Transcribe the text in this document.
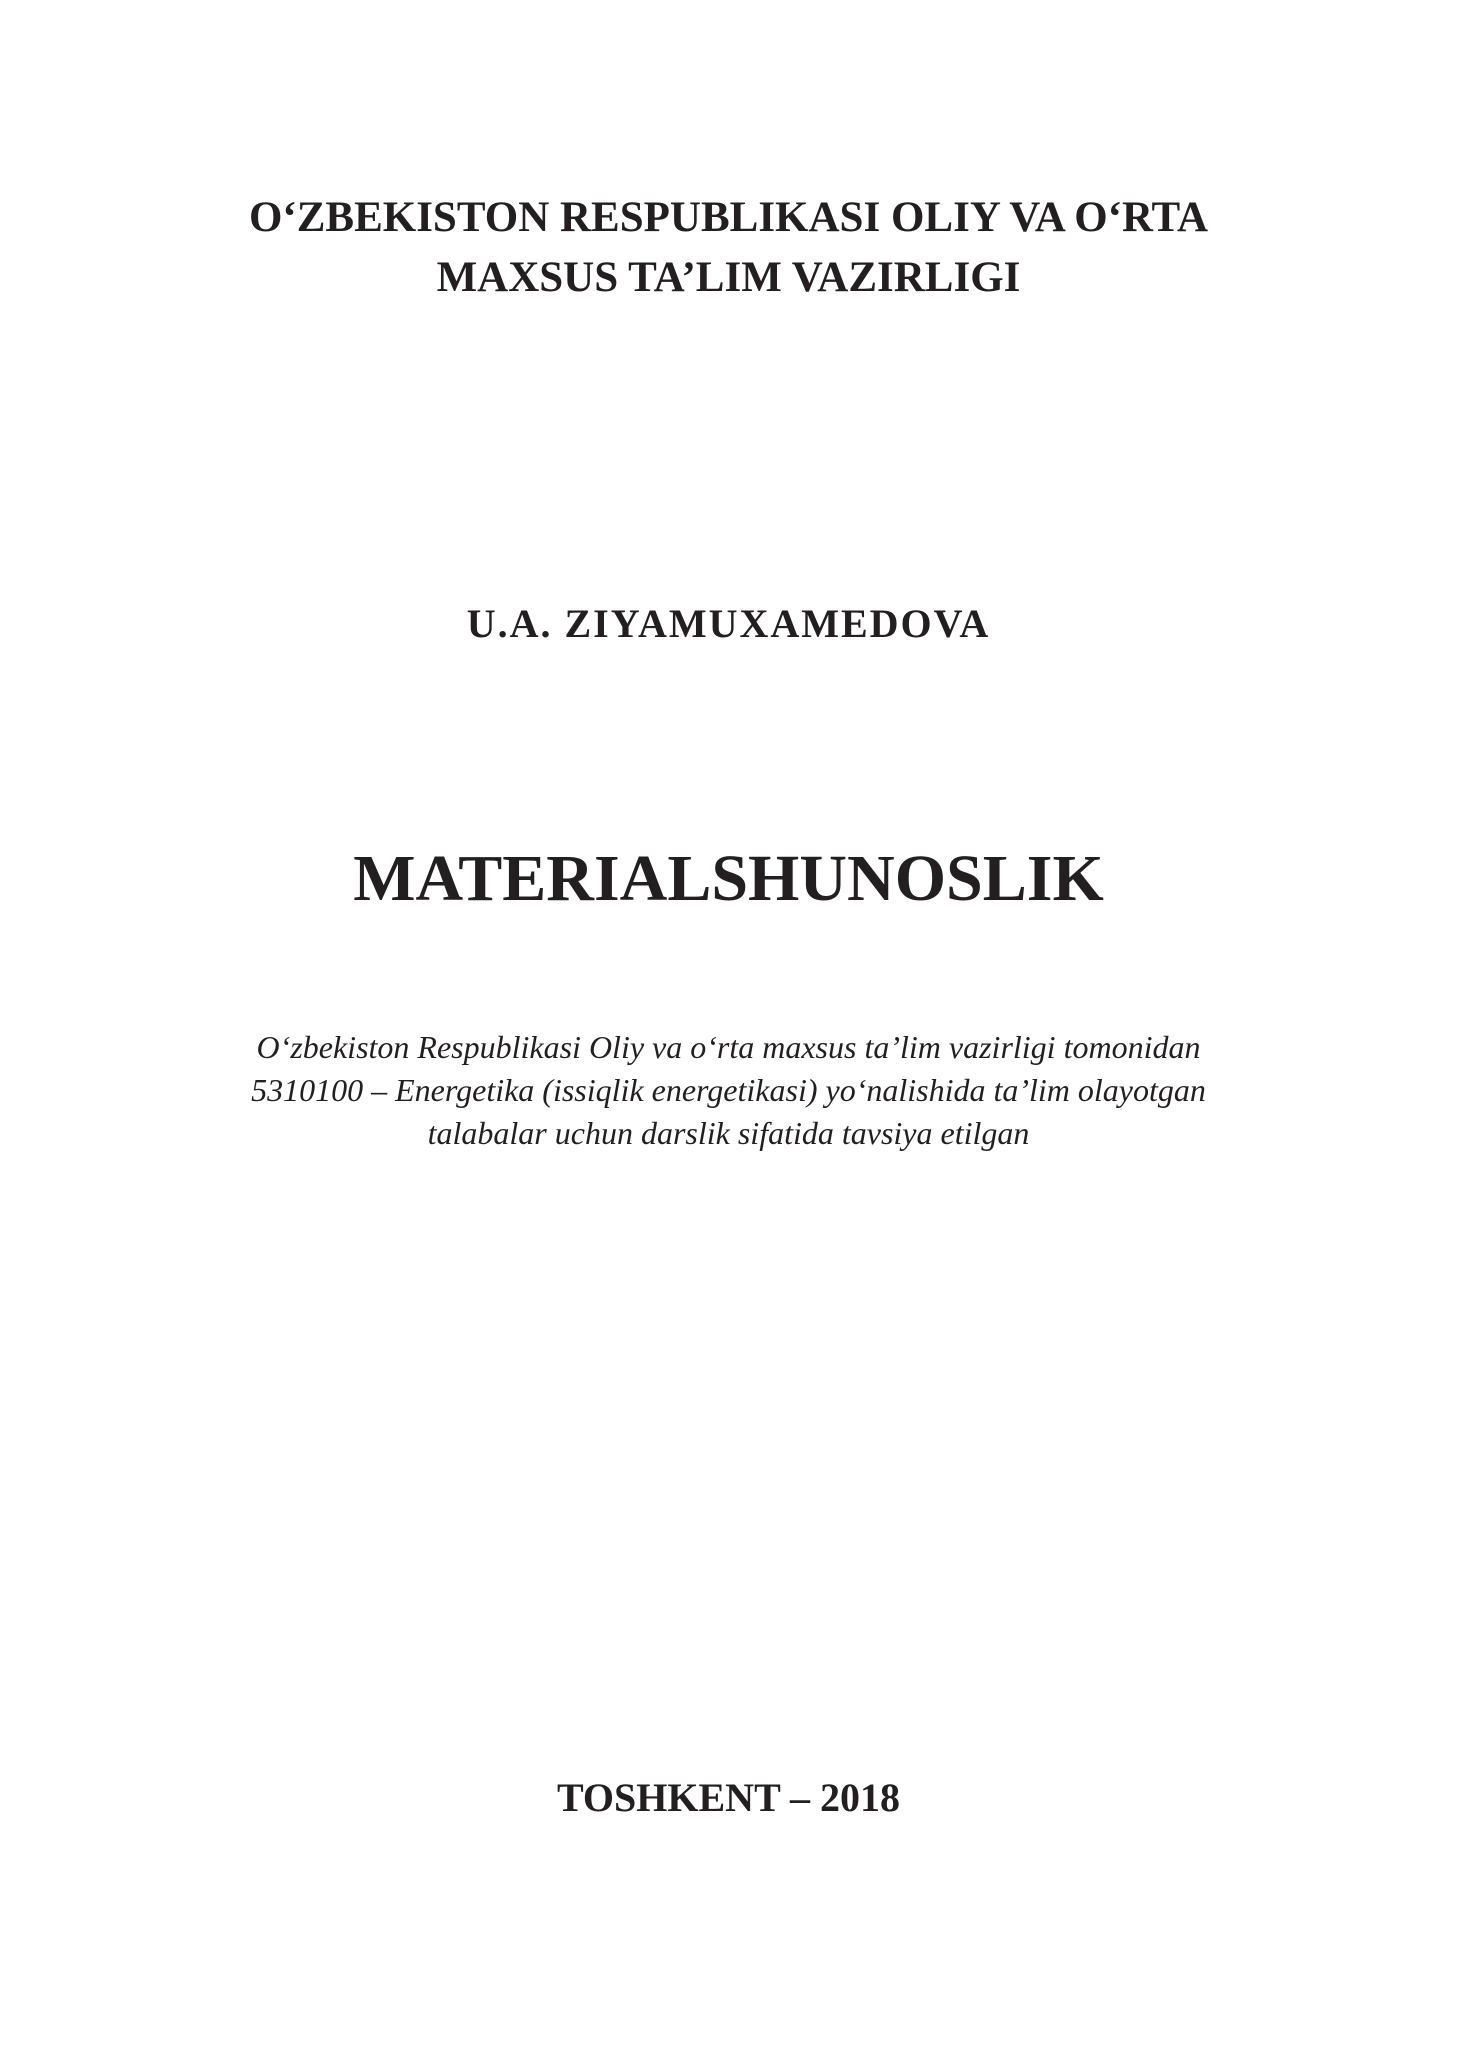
O‘ZBEKISTON RESPUBLIKASI OLIY VA O‘RTA
MAXSUS TA’LIM VAZIRLIGI
U.A. ZIYAMUXAMEDOVA
MATERIALSHUNOSLIK
O‘zbekiston Respublikasi Oliy va o‘rta maxsus ta’lim vazirligi tomonidan
5310100 – Energetika (issiqlik energetikasi) yo‘nalishida ta’lim olayotgan
talabalar uchun darslik sifatida tavsiya etilgan
TOSHKENT – 2018
